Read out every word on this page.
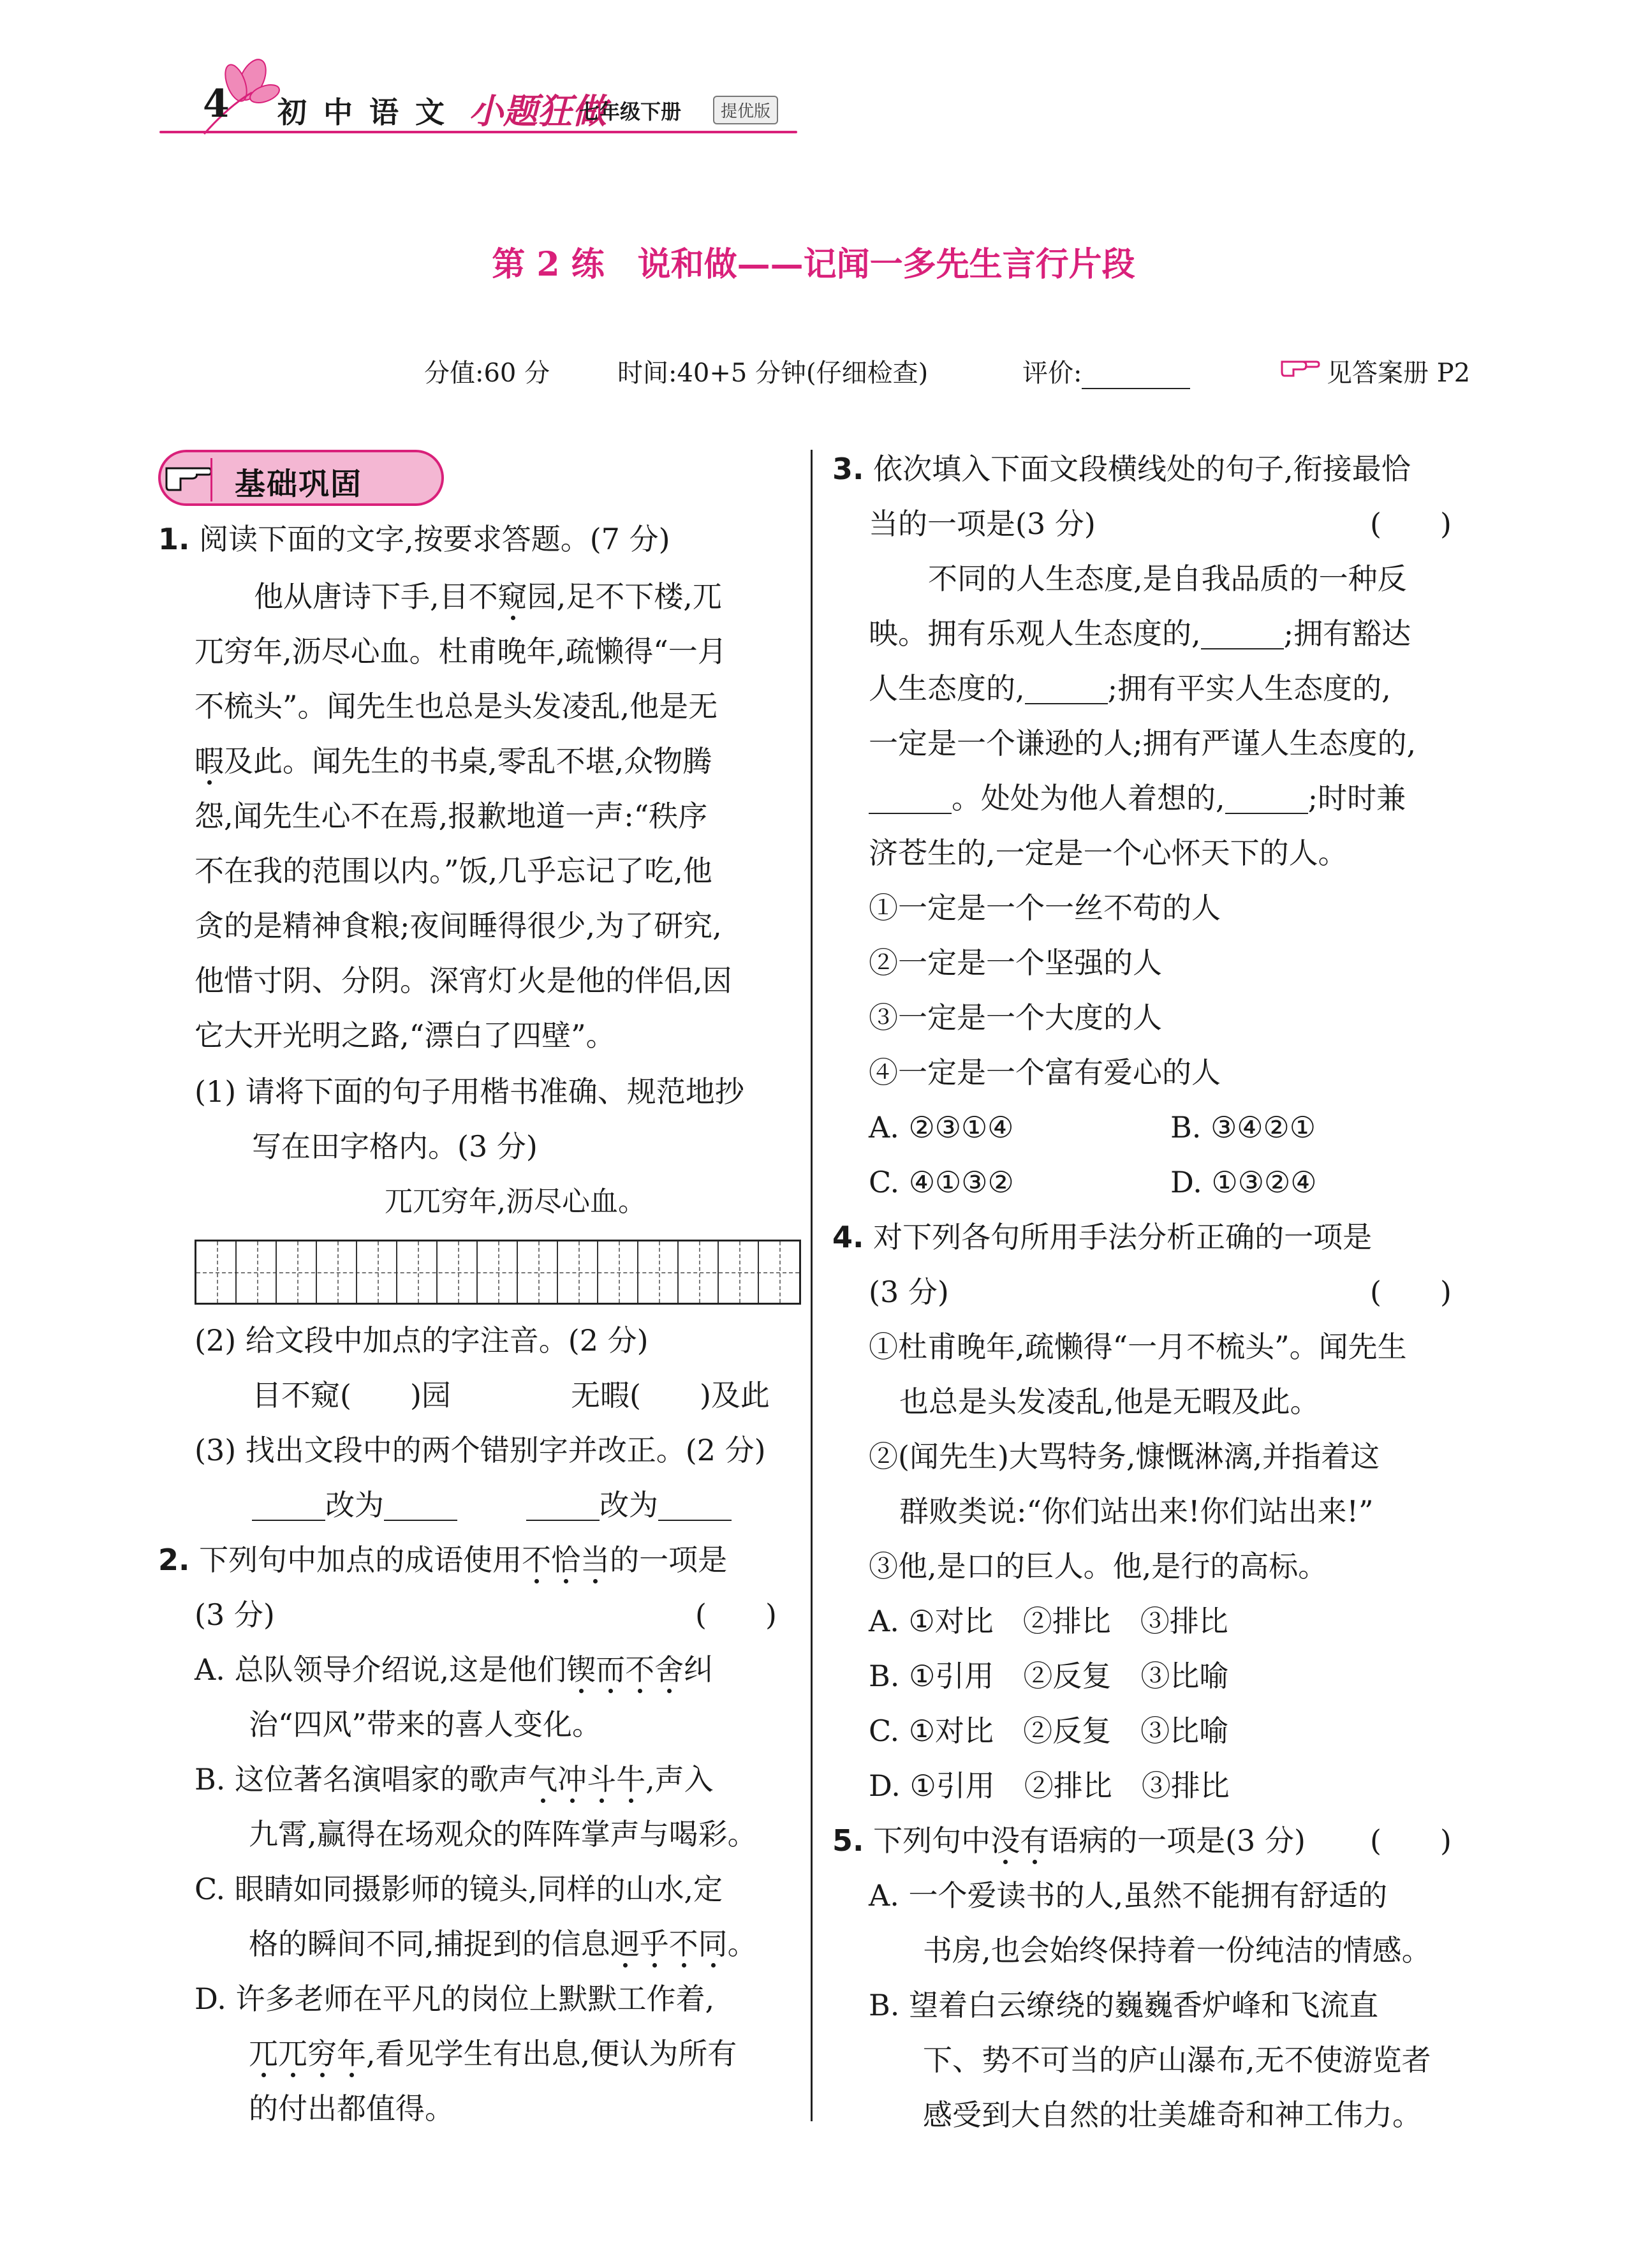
4 初中语文 小题狂做
七年级下册	提优版
第 2 练　说和做——记闻一多先生言行片段
分值:60 分	时间:40+5 分钟(仔细检查)	评价:	见答案册 P2
基础巩固
1. 阅读下面的文字,按要求答题。(7 分)
他从唐诗下手,目不窥园,足不下楼,兀
兀穷年,沥尽心血。杜甫晚年,疏懒得“一月
不梳头”。闻先生也总是头发凌乱,他是无
暇及此。闻先生的书桌,零乱不堪,众物腾
怨,闻先生心不在焉,报歉地道一声:“秩序
不在我的范围以内。”饭,几乎忘记了吃,他
贪的是精神食粮;夜间睡得很少,为了研究,
他惜寸阴、分阴。深宵灯火是他的伴侣,因
它大开光明之路,“漂白了四壁”。
(1) 请将下面的句子用楷书准确、规范地抄
写在田字格内。(3 分)
兀兀穷年,沥尽心血。
(2) 给文段中加点的字注音。(2 分)
目不窥(　　)园	无暇(　　)及此
(3) 找出文段中的两个错别字并改正。(2 分)
改为	改为
2. 下列句中加点的成语使用不恰当的一项是
(3 分)	(　　)
A. 总队领导介绍说,这是他们锲而不舍纠
治“四风”带来的喜人变化。
B. 这位著名演唱家的歌声气冲斗牛,声入
九霄,赢得在场观众的阵阵掌声与喝彩。
C. 眼睛如同摄影师的镜头,同样的山水,定
格的瞬间不同,捕捉到的信息迥乎不同。
D. 许多老师在平凡的岗位上默默工作着,
兀兀穷年,看见学生有出息,便认为所有
的付出都值得。
3. 依次填入下面文段横线处的句子,衔接最恰
当的一项是(3 分)	(　　)
不同的人生态度,是自我品质的一种反
映。拥有乐观人生态度的,	;拥有豁达
人生态度的,	;拥有平实人生态度的,
一定是一个谦逊的人;拥有严谨人生态度的,
。处处为他人着想的,	;时时兼
济苍生的,一定是一个心怀天下的人。
①一定是一个一丝不苟的人
②一定是一个坚强的人
③一定是一个大度的人
④一定是一个富有爱心的人
A. ②③①④	B. ③④②①
C. ④①③②	D. ①③②④
4. 对下列各句所用手法分析正确的一项是
(3 分)	(　　)
①杜甫晚年,疏懒得“一月不梳头”。闻先生
也总是头发凌乱,他是无暇及此。
②(闻先生)大骂特务,慷慨淋漓,并指着这
群败类说:“你们站出来!你们站出来!”
③他,是口的巨人。他,是行的高标。
A. ①对比　 ②排比　 ③排比
B. ①引用　 ②反复　 ③比喻
C. ①对比　 ②反复　 ③比喻
D. ①引用　 ②排比　 ③排比
5. 下列句中没有语病的一项是(3 分) (　　)
A. 一个爱读书的人,虽然不能拥有舒适的
书房,也会始终保持着一份纯洁的情感。
B. 望着白云缭绕的巍巍香炉峰和飞流直
下、势不可当的庐山瀑布,无不使游览者
感受到大自然的壮美雄奇和神工伟力。
